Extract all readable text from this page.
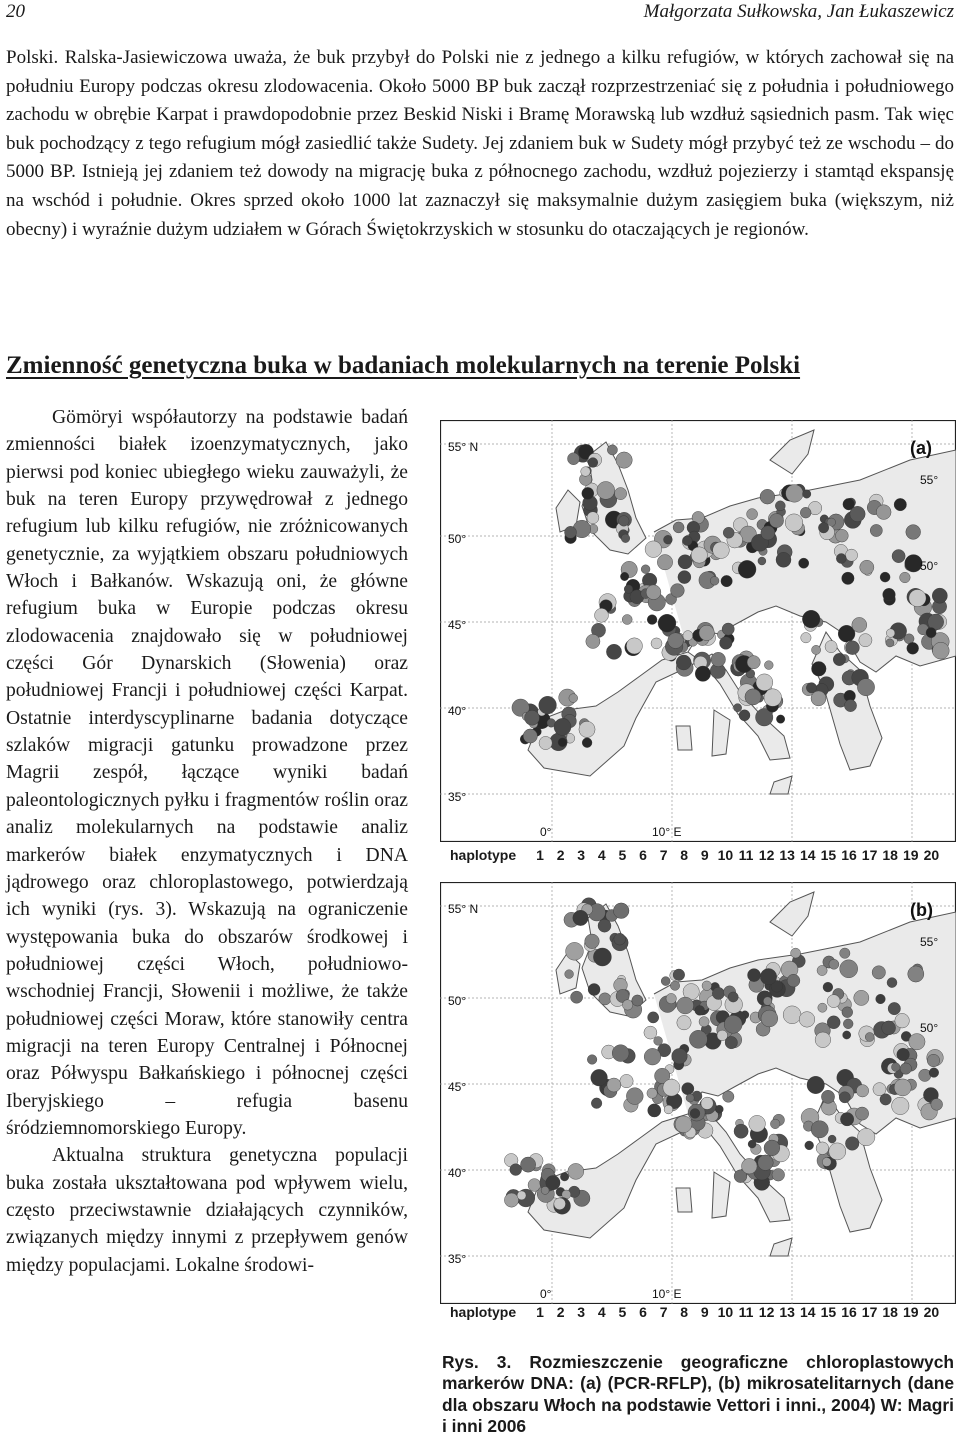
20	Małgorzata Sułkowska, Jan Łukaszewicz

Polski. Ralska-Jasiewiczowa uważa, że buk przybył do Polski nie z jednego a kilku refugiów, w których zachował się na południu Europy podczas okresu zlodowacenia. Około 5000 BP buk zaczął rozprzestrzeniać się z południa i południowego zachodu w obrębie Karpat i prawdopodobnie przez Beskid Niski i Bramę Morawską lub wzdłuż sąsiednich pasm. Tak więc buk pochodzący z tego refugium mógł zasiedlić także Sudety. Jej zdaniem buk w Sudety mógł przybyć też ze wschodu – do 5000 BP. Istnieją jej zdaniem też dowody na migrację buka z północnego zachodu, wzdłuż pojezierzy i stamtąd ekspansję na wschód i południe. Okres sprzed około 1000 lat zaznaczył się maksymalnie dużym zasięgiem buka (większym, niż obecny) i wyraźnie dużym udziałem w Górach Świętokrzyskich w stosunku do otaczających je regionów.

Zmienność genetyczna buka w badaniach molekularnych na terenie Polski

Gömöryi współautorzy na podstawie badań zmienności białek izoenzymatycznych, jako pierwsi pod koniec ubiegłego wieku zauważyli, że buk na teren Europy przywędrował z jednego refugium lub kilku refugiów, nie zróżnicowanych genetycznie, za wyjątkiem obszaru południowych Włoch i Bałkanów. Wskazują oni, że główne refugium buka w Europie podczas okresu zlodowacenia znajdowało się w południowej części Gór Dynarskich (Słowenia) oraz południowej Francji i południowej części Karpat. Ostatnie interdyscyplinarne badania dotyczące szlaków migracji gatunku prowadzone przez Magrii zespół, łączące wyniki badań paleontologicznych pyłku i fragmentów roślin oraz analiz molekularnych na podstawie analiz markerów białek enzymatycznych i DNA jądrowego oraz chloroplastowego, potwierdzają ich wyniki (rys. 3). Wskazują na ograniczenie występowania buka do obszarów środkowej i południowej części Włoch, południowo-wschodniej Francji, Słowenii i możliwe, że także południowej części Moraw, które stanowiły centra migracji na teren Europy Centralnej i Północnej oraz Półwyspu Bałkańskiego i północnej części Iberyjskiego – refugia basenu śródziemnomorskiego Europy.

Aktualna struktura genetyczna populacji buka została ukształtowana pod wpływem wielu, często przeciwstawnie działających czynników, związanych między innymi z przepływem genów między populacjami. Lokalne środowi-

55° N
50°
45°
40°
35°
55°
50°
0°	10° E
(a)
haplotype	1 2 3 4 5 6 7 8 9 10 11 12 13 14 15 16 17 18 19 20
55° N
50°
45°
40°
35°
55°
50°
0°	10° E
(b)
haplotype	1 2 3 4 5 6 7 8 9 10 11 12 13 14 15 16 17 18 19 20
Rys. 3. Rozmieszczenie geograficzne chloroplastowych markerów DNA: (a) (PCR-RFLP), (b) mikrosatelitarnych (dane dla obszaru Włoch na podstawie Vettori i inni., 2004) W: Magri i inni 2006
